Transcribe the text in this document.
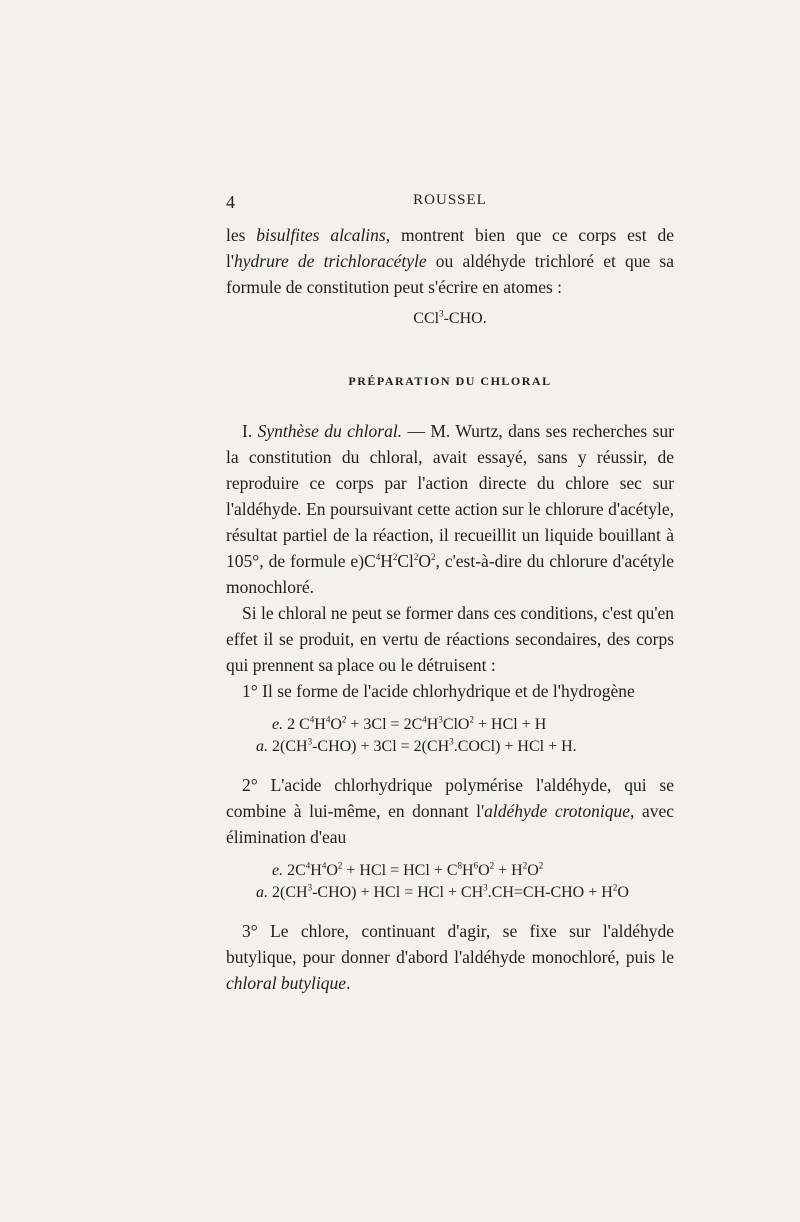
4	ROUSSEL

les bisulfites alcalins, montrent bien que ce corps est de l'hydrure de trichloracétyle ou aldéhyde trichloré et que sa formule de constitution peut s'écrire en atomes :

CCl$^3$-CHO.
PRÉPARATION DU CHLORAL

I. Synthèse du chloral. — M. Wurtz, dans ses recherches sur la constitution du chloral, avait essayé, sans y réussir, de reproduire ce corps par l'action directe du chlore sec sur l'aldéhyde. En poursuivant cette action sur le chlorure d'acétyle, résultat partiel de la réaction, il recueillit un liquide bouillant à 105°, de formule $e)C^4H^2Cl^2O^2$, c'est-à-dire du chlorure d'acétyle monochloré.

Si le chloral ne peut se former dans ces conditions, c'est qu'en effet il se produit, en vertu de réactions secondaires, des corps qui prennent sa place ou le détruisent :

1° Il se forme de l'acide chlorhydrique et de l'hydrogène

e. 2 $C^4H^4O^2 + 3Cl = 2C^4H^3ClO^2$ + HCl + H
a. $2(CH^3-CHO) + 3Cl$ = $2(CH^3.COCl)$ + HCl + H.

2° L'acide chlorhydrique polymérise l'aldéhyde, qui se combine à lui-même, en donnant l'aldéhyde crotonique, avec élimination d'eau

e. $2C^4H^4O^2$ + HCl = HCl + $C^8H^6O^2 + H^2O^2$
a. $2(CH^3-CHO)$ + HCl = HCl + $CH^3.CH=CH$-CHO + $H^2O$

3° Le chlore, continuant d'agir, se fixe sur l'aldéhyde butylique, pour donner d'abord l'aldéhyde monochloré, puis le chloral butylique.
